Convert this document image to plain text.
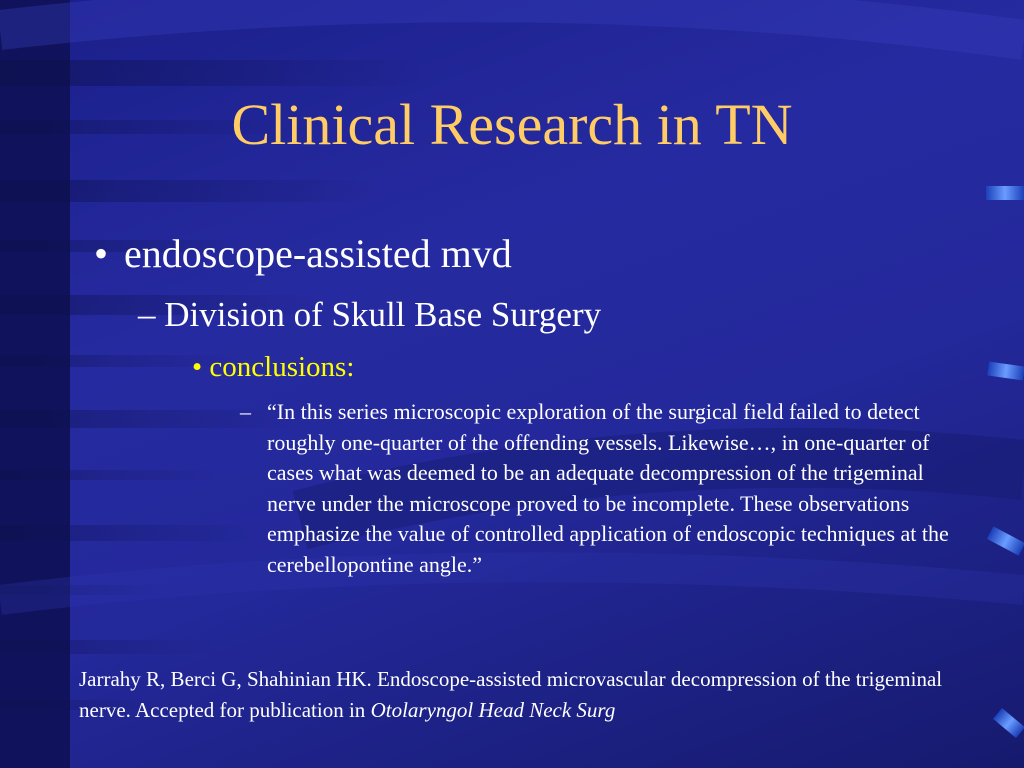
Clinical Research in TN
• endoscope-assisted mvd
– Division of Skull Base Surgery
• conclusions:
– “In this series microscopic exploration of the surgical field failed to detect roughly one-quarter of the offending vessels. Likewise…, in one-quarter of cases what was deemed to be an adequate decompression of the trigeminal nerve under the microscope proved to be incomplete. These observations emphasize the value of controlled application of endoscopic techniques at the cerebellopontine angle.”
Jarrahy R, Berci G, Shahinian HK. Endoscope-assisted microvascular decompression of the trigeminal nerve. Accepted for publication in Otolaryngol Head Neck Surg
